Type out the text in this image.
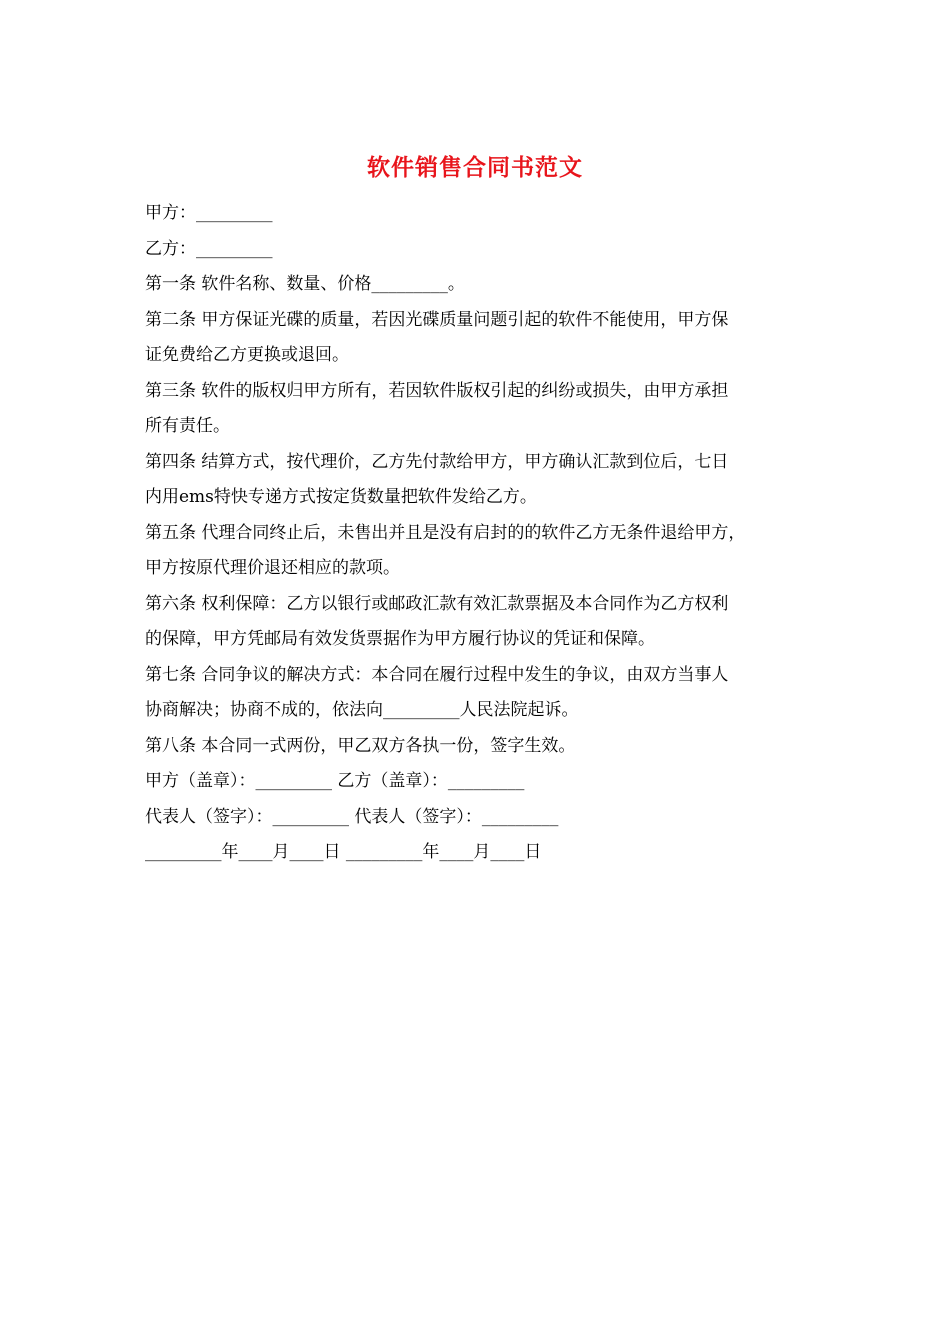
软件销售合同书范文

甲方：_________

乙方：_________

第一条 软件名称、数量、价格_________。

第二条 甲方保证光碟的质量，若因光碟质量问题引起的软件不能使用，甲方保

证免费给乙方更换或退回。

第三条 软件的版权归甲方所有，若因软件版权引起的纠纷或损失，由甲方承担

所有责任。

第四条 结算方式，按代理价，乙方先付款给甲方，甲方确认汇款到位后，七日

内用ems特快专递方式按定货数量把软件发给乙方。

第五条 代理合同终止后，未售出并且是没有启封的的软件乙方无条件退给甲方，

甲方按原代理价退还相应的款项。

第六条 权利保障：乙方以银行或邮政汇款有效汇款票据及本合同作为乙方权利

的保障，甲方凭邮局有效发货票据作为甲方履行协议的凭证和保障。

第七条 合同争议的解决方式：本合同在履行过程中发生的争议，由双方当事人

协商解决；协商不成的，依法向_________人民法院起诉。

第八条 本合同一式两份，甲乙双方各执一份，签字生效。

甲方（盖章）：_________ 乙方（盖章）：_________

代表人（签字）：_________ 代表人（签字）：_________

_________年____月____日 _________年____月____日
